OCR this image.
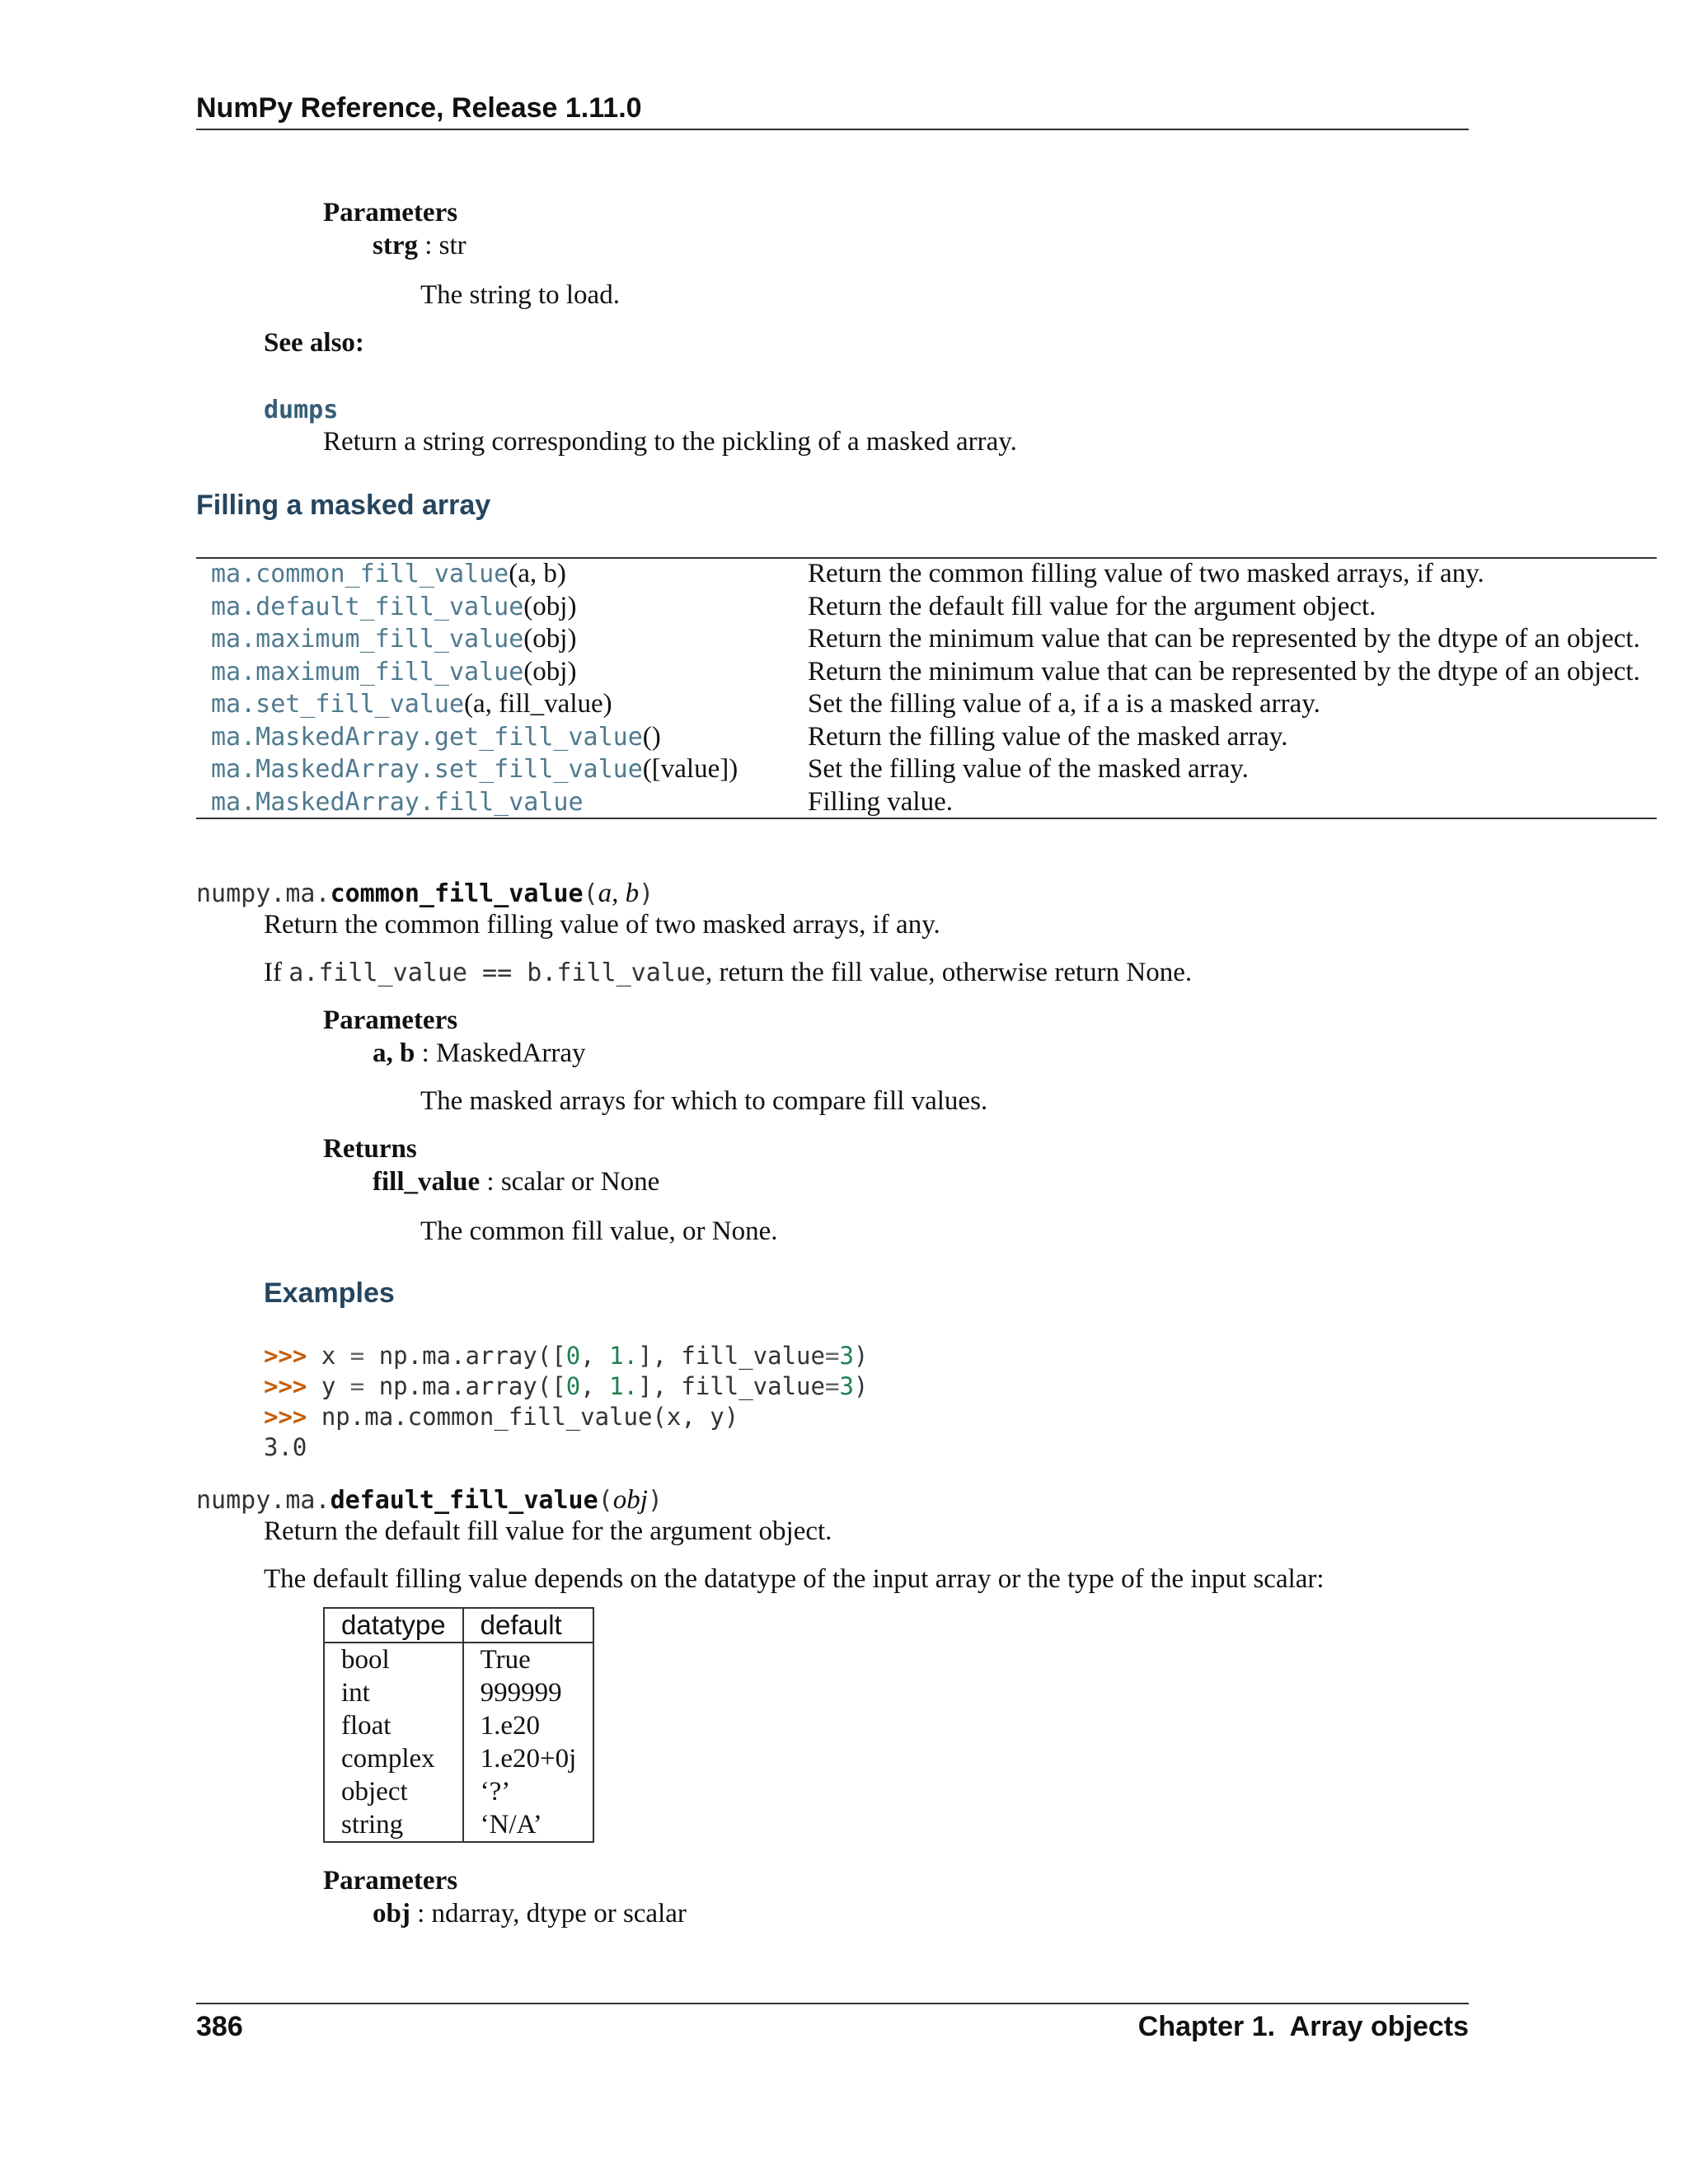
NumPy Reference, Release 1.11.0
Parameters
strg : str
The string to load.
See also:
dumps
Return a string corresponding to the pickling of a masked array.
Filling a masked array
ma.common_fill_value(a, b)	Return the common filling value of two masked arrays, if any.
ma.default_fill_value(obj)	Return the default fill value for the argument object.
ma.maximum_fill_value(obj)	Return the minimum value that can be represented by the dtype of an object.
ma.maximum_fill_value(obj)	Return the minimum value that can be represented by the dtype of an object.
ma.set_fill_value(a, fill_value)	Set the filling value of a, if a is a masked array.
ma.MaskedArray.get_fill_value()	Return the filling value of the masked array.
ma.MaskedArray.set_fill_value([value])	Set the filling value of the masked array.
ma.MaskedArray.fill_value	Filling value.
numpy.ma.common_fill_value(a, b)
Return the common filling value of two masked arrays, if any.
If a.fill_value == b.fill_value, return the fill value, otherwise return None.
Parameters
a, b : MaskedArray
The masked arrays for which to compare fill values.
Returns
fill_value : scalar or None
The common fill value, or None.
Examples
>>> x = np.ma.array([0, 1.], fill_value=3)
>>> y = np.ma.array([0, 1.], fill_value=3)
>>> np.ma.common_fill_value(x, y)
3.0
numpy.ma.default_fill_value(obj)
Return the default fill value for the argument object.
The default filling value depends on the datatype of the input array or the type of the input scalar:
datatype	default
bool	True
int	999999
float	1.e20
complex	1.e20+0j
object	‘?’
string	‘N/A’
Parameters
obj : ndarray, dtype or scalar
386	Chapter 1.  Array objects
